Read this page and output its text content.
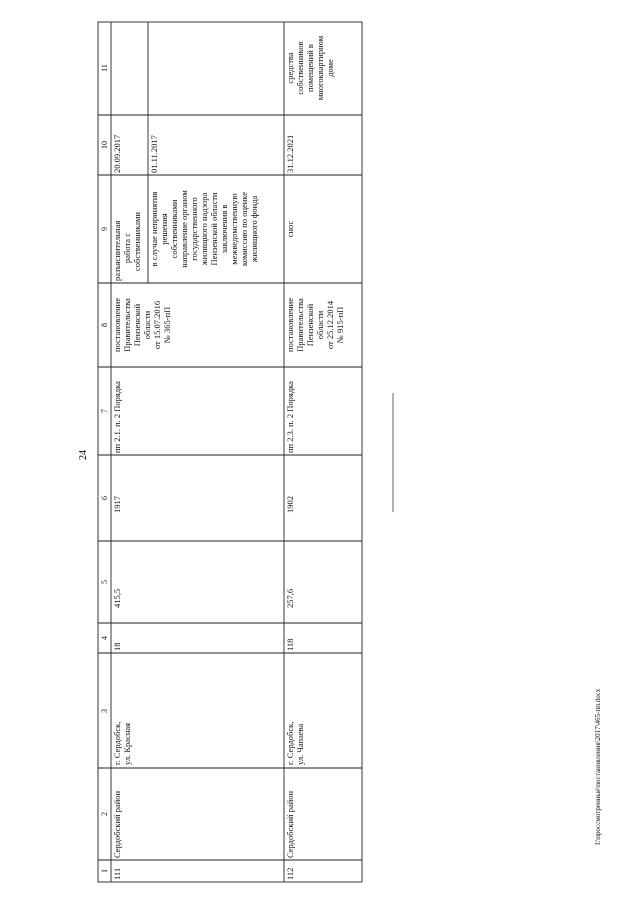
24
I:\проссмотренные\постановления\2017\465-пп.docx
1
2
3
4
5
6
7
8
9
10
11
111
Сердобский район
г. Сердобск, ул. Красная
18
415,5
1917
пп 2.1. п. 2 Порядка
постановление Правительства Пензенской области от 15.07.2016 № 365-пП
разъяснительная работа с собственниками
20.09.2017
в случае непринятия решения собственниками направление органом государственного жилищного надзора Пензенской области заключения в межведомственную комиссию по оценке жилищного фонда
01.11.2017
112
Сердобский район
г. Сердобск, ул. Чапаева
118
257,6
1902
пп 2.3. п. 2 Порядка
постановление Правительства Пензенской области от 25.12.2014 № 915-пП
снос
31.12.2021
средства собственников помещений в многоквартирном доме
